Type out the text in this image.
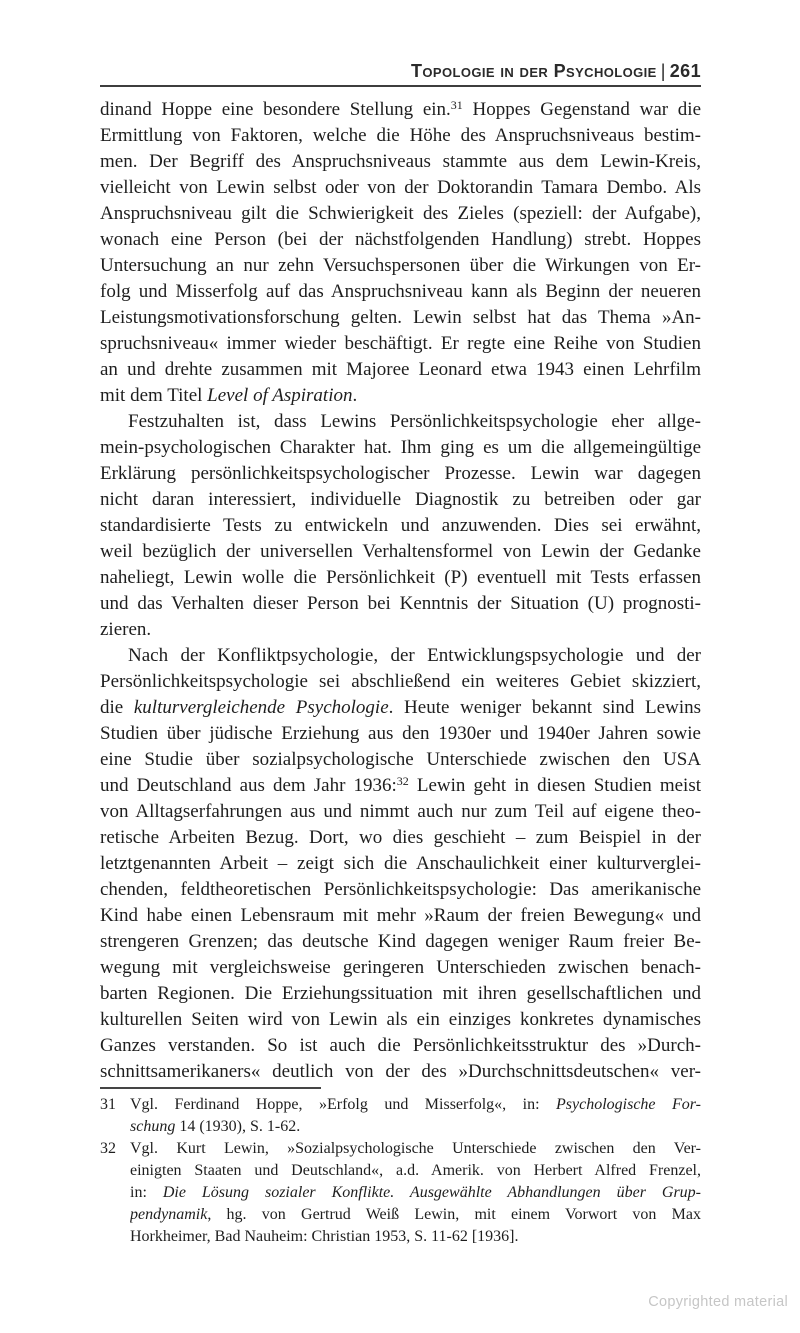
Topologie in der Psychologie | 261
dinand Hoppe eine besondere Stellung ein.$^{31}$ Hoppes Gegenstand war die
Ermittlung von Faktoren, welche die Höhe des Anspruchsniveaus bestim-
men. Der Begriff des Anspruchsniveaus stammte aus dem Lewin-Kreis,
vielleicht von Lewin selbst oder von der Doktorandin Tamara Dembo. Als
Anspruchsniveau gilt die Schwierigkeit des Zieles (speziell: der Aufgabe),
wonach eine Person (bei der nächstfolgenden Handlung) strebt. Hoppes
Untersuchung an nur zehn Versuchspersonen über die Wirkungen von Er-
folg und Misserfolg auf das Anspruchsniveau kann als Beginn der neueren
Leistungsmotivationsforschung gelten. Lewin selbst hat das Thema »An-
spruchsniveau« immer wieder beschäftigt. Er regte eine Reihe von Studien
an und drehte zusammen mit Majoree Leonard etwa 1943 einen Lehrfilm
mit dem Titel Level of Aspiration.
Festzuhalten ist, dass Lewins Persönlichkeitspsychologie eher allge-
mein-psychologischen Charakter hat. Ihm ging es um die allgemeingültige
Erklärung persönlichkeitspsychologischer Prozesse. Lewin war dagegen
nicht daran interessiert, individuelle Diagnostik zu betreiben oder gar
standardisierte Tests zu entwickeln und anzuwenden. Dies sei erwähnt,
weil bezüglich der universellen Verhaltensformel von Lewin der Gedanke
naheliegt, Lewin wolle die Persönlichkeit (P) eventuell mit Tests erfassen
und das Verhalten dieser Person bei Kenntnis der Situation (U) prognosti-
zieren.
Nach der Konfliktpsychologie, der Entwicklungspsychologie und der
Persönlichkeitspsychologie sei abschließend ein weiteres Gebiet skizziert,
die kulturvergleichende Psychologie. Heute weniger bekannt sind Lewins
Studien über jüdische Erziehung aus den 1930er und 1940er Jahren sowie
eine Studie über sozialpsychologische Unterschiede zwischen den USA
und Deutschland aus dem Jahr 1936:$^{32}$ Lewin geht in diesen Studien meist
von Alltagserfahrungen aus und nimmt auch nur zum Teil auf eigene theo-
retische Arbeiten Bezug. Dort, wo dies geschieht – zum Beispiel in der
letztgenannten Arbeit – zeigt sich die Anschaulichkeit einer kulturverglei-
chenden, feldtheoretischen Persönlichkeitspsychologie: Das amerikanische
Kind habe einen Lebensraum mit mehr »Raum der freien Bewegung« und
strengeren Grenzen; das deutsche Kind dagegen weniger Raum freier Be-
wegung mit vergleichsweise geringeren Unterschieden zwischen benach-
barten Regionen. Die Erziehungssituation mit ihren gesellschaftlichen und
kulturellen Seiten wird von Lewin als ein einziges konkretes dynamisches
Ganzes verstanden. So ist auch die Persönlichkeitsstruktur des »Durch-
schnittsamerikaners« deutlich von der des »Durchschnittsdeutschen« ver-
31 Vgl. Ferdinand Hoppe, »Erfolg und Misserfolg«, in: Psychologische For-
schung 14 (1930), S. 1-62.
32 Vgl. Kurt Lewin, »Sozialpsychologische Unterschiede zwischen den Ver-
einigten Staaten und Deutschland«, a.d. Amerik. von Herbert Alfred Frenzel,
in: Die Lösung sozialer Konflikte. Ausgewählte Abhandlungen über Grup-
pendynamik, hg. von Gertrud Weiß Lewin, mit einem Vorwort von Max
Horkheimer, Bad Nauheim: Christian 1953, S. 11-62 [1936].
Copyrighted material
